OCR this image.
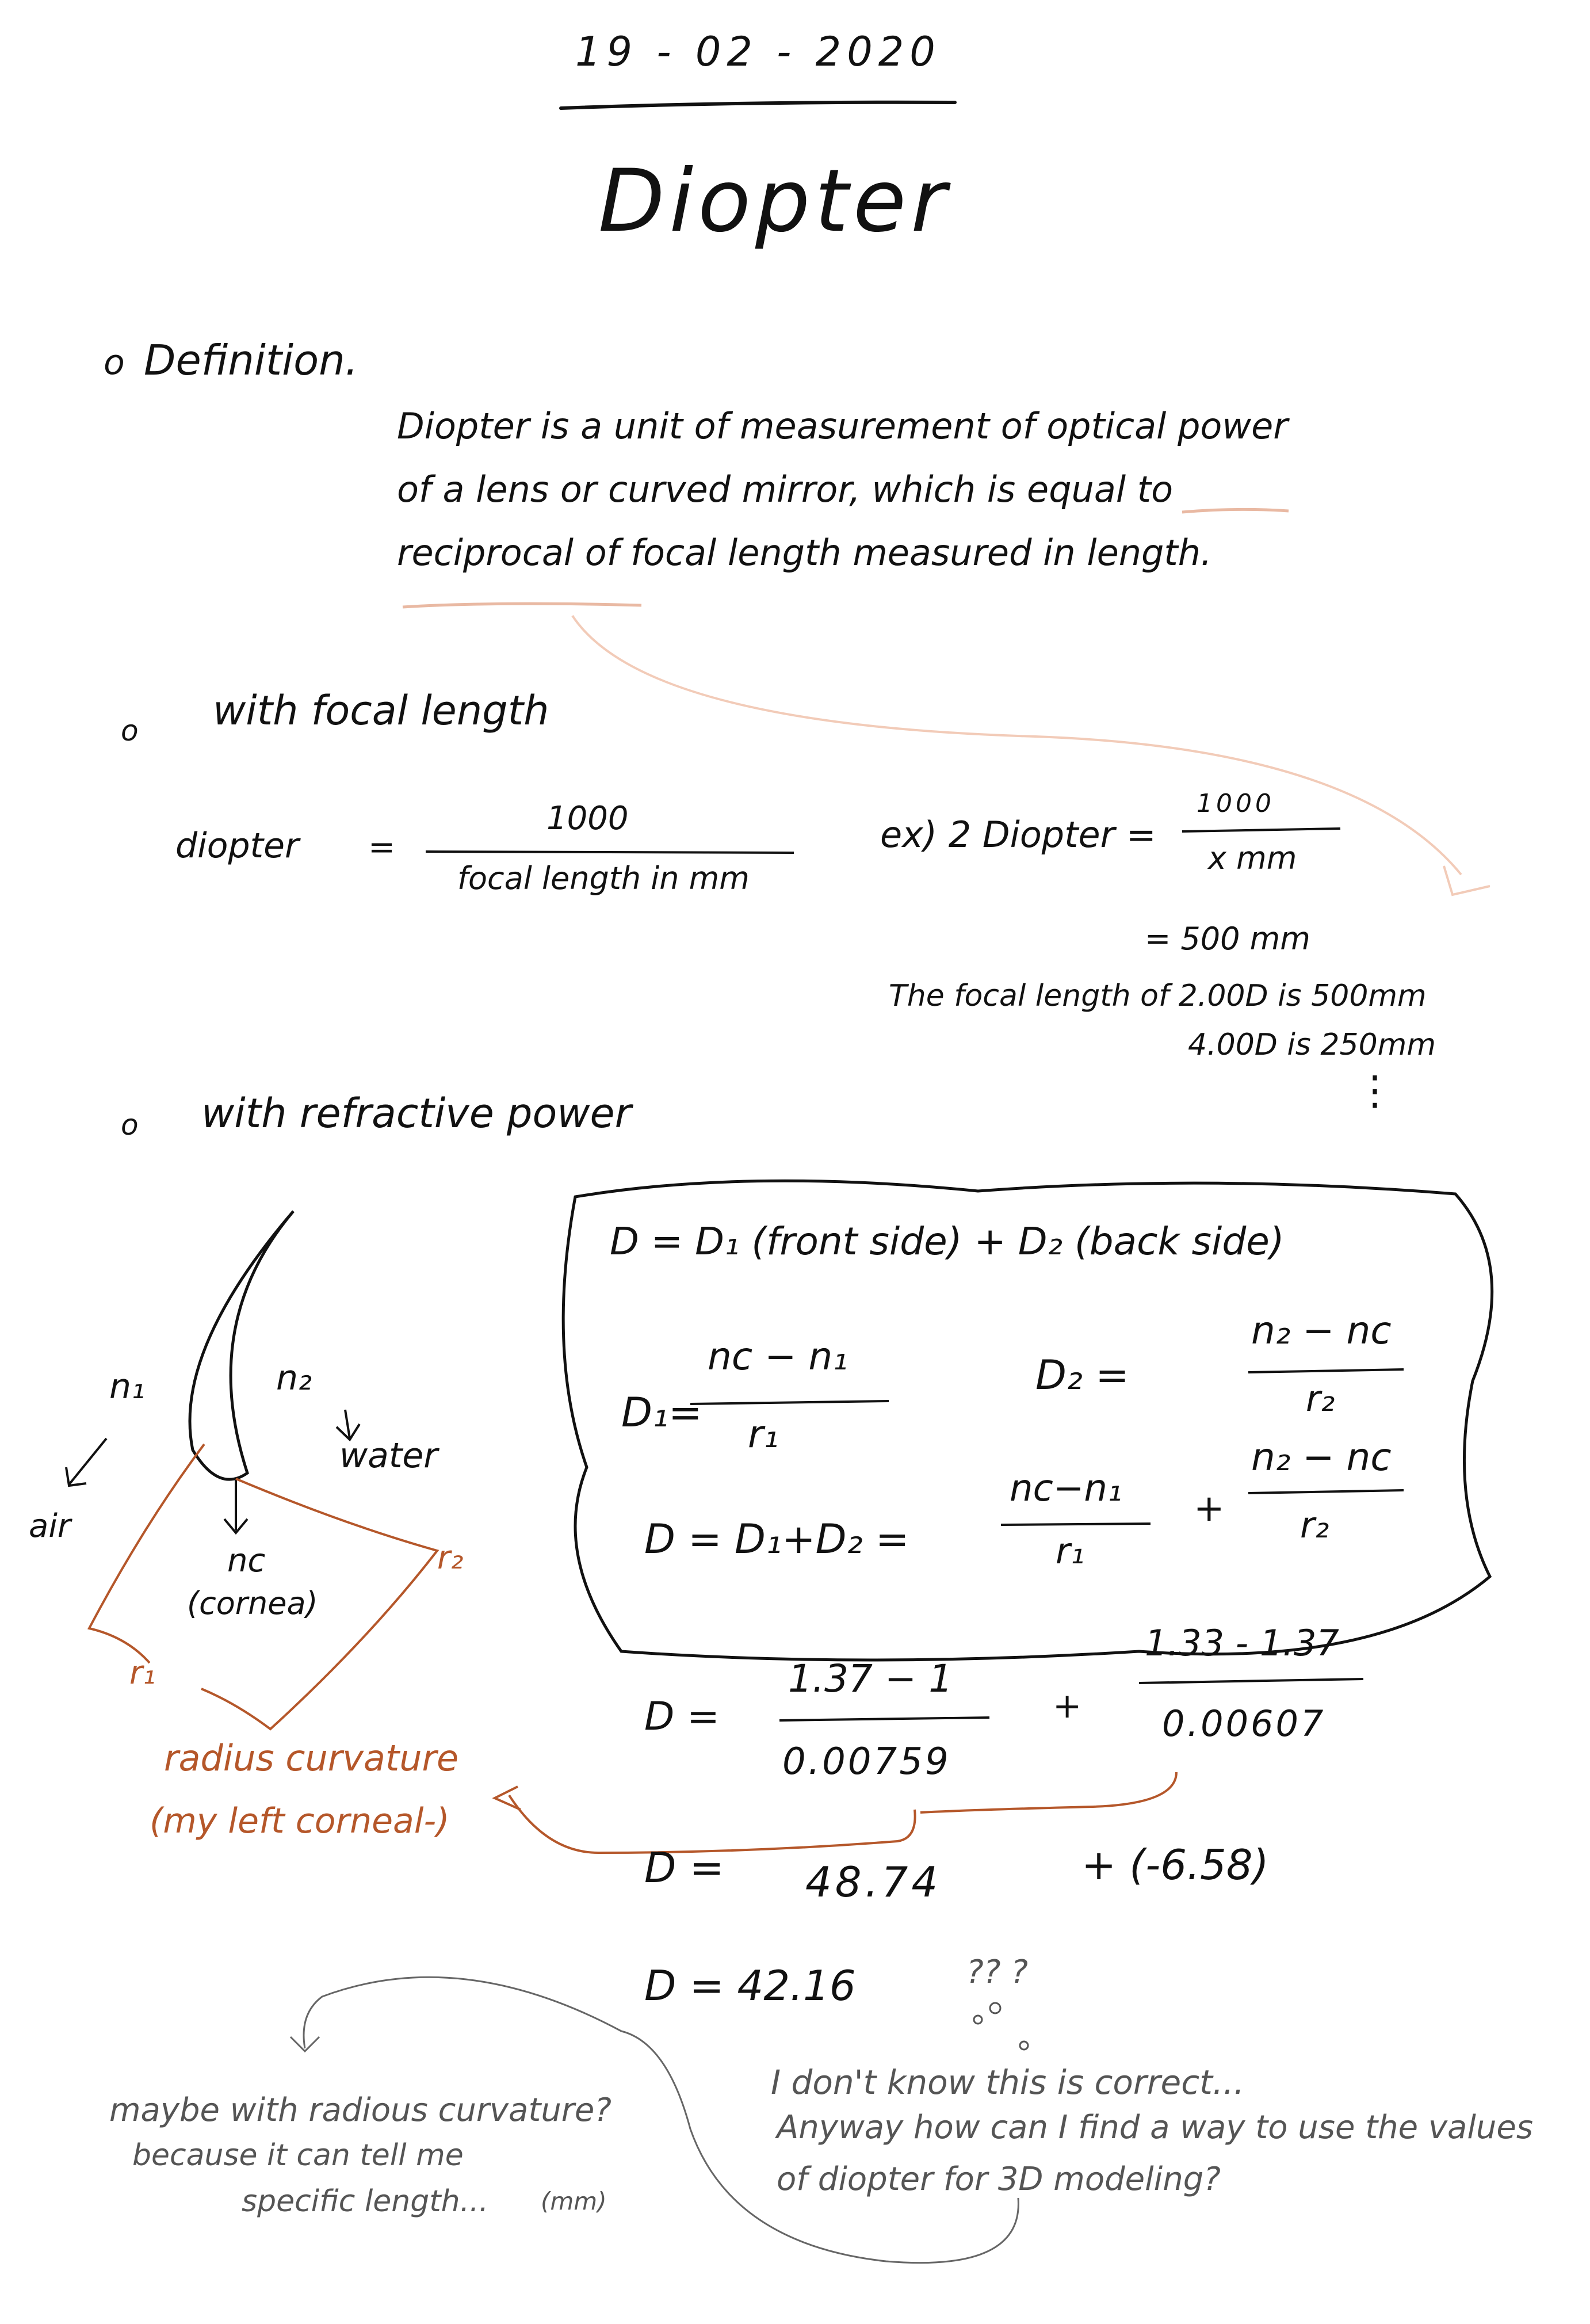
19 - 02 - 2020
Diopter
o Definition.
Diopter is a unit of measurement of optical power
of a lens or curved mirror, which is equal to
reciprocal of focal length measured in length.
o with focal length
diopter =
1000
focal length in mm
ex) 2 Diopter =
1000
x mm
= 500 mm
The focal length of 2.00D is 500mm
4.00D is 250mm
⋮
o with refractive power
n₁	n₂
water
air
nc
(cornea)
r₁
r₂
radius curvature
(my left corneal-)
D = D₁ (front side) + D₂ (back side)
D₁=
nc − n₁
r₁
D₂ =
n₂ − nc
r₂
D = D₁+D₂ =
nc−n₁
r₁
+
n₂ − nc
r₂
D =
1.37 − 1
0.00759
+
1.33 - 1.37
0.00607
D = 48.74	+ (-6.58)
D = 42.16	?? ?
maybe with radious curvature?
because it can tell me
specific length... (mm)
I don't know this is correct...
Anyway how can I find a way to use the values
of diopter for 3D modeling?
